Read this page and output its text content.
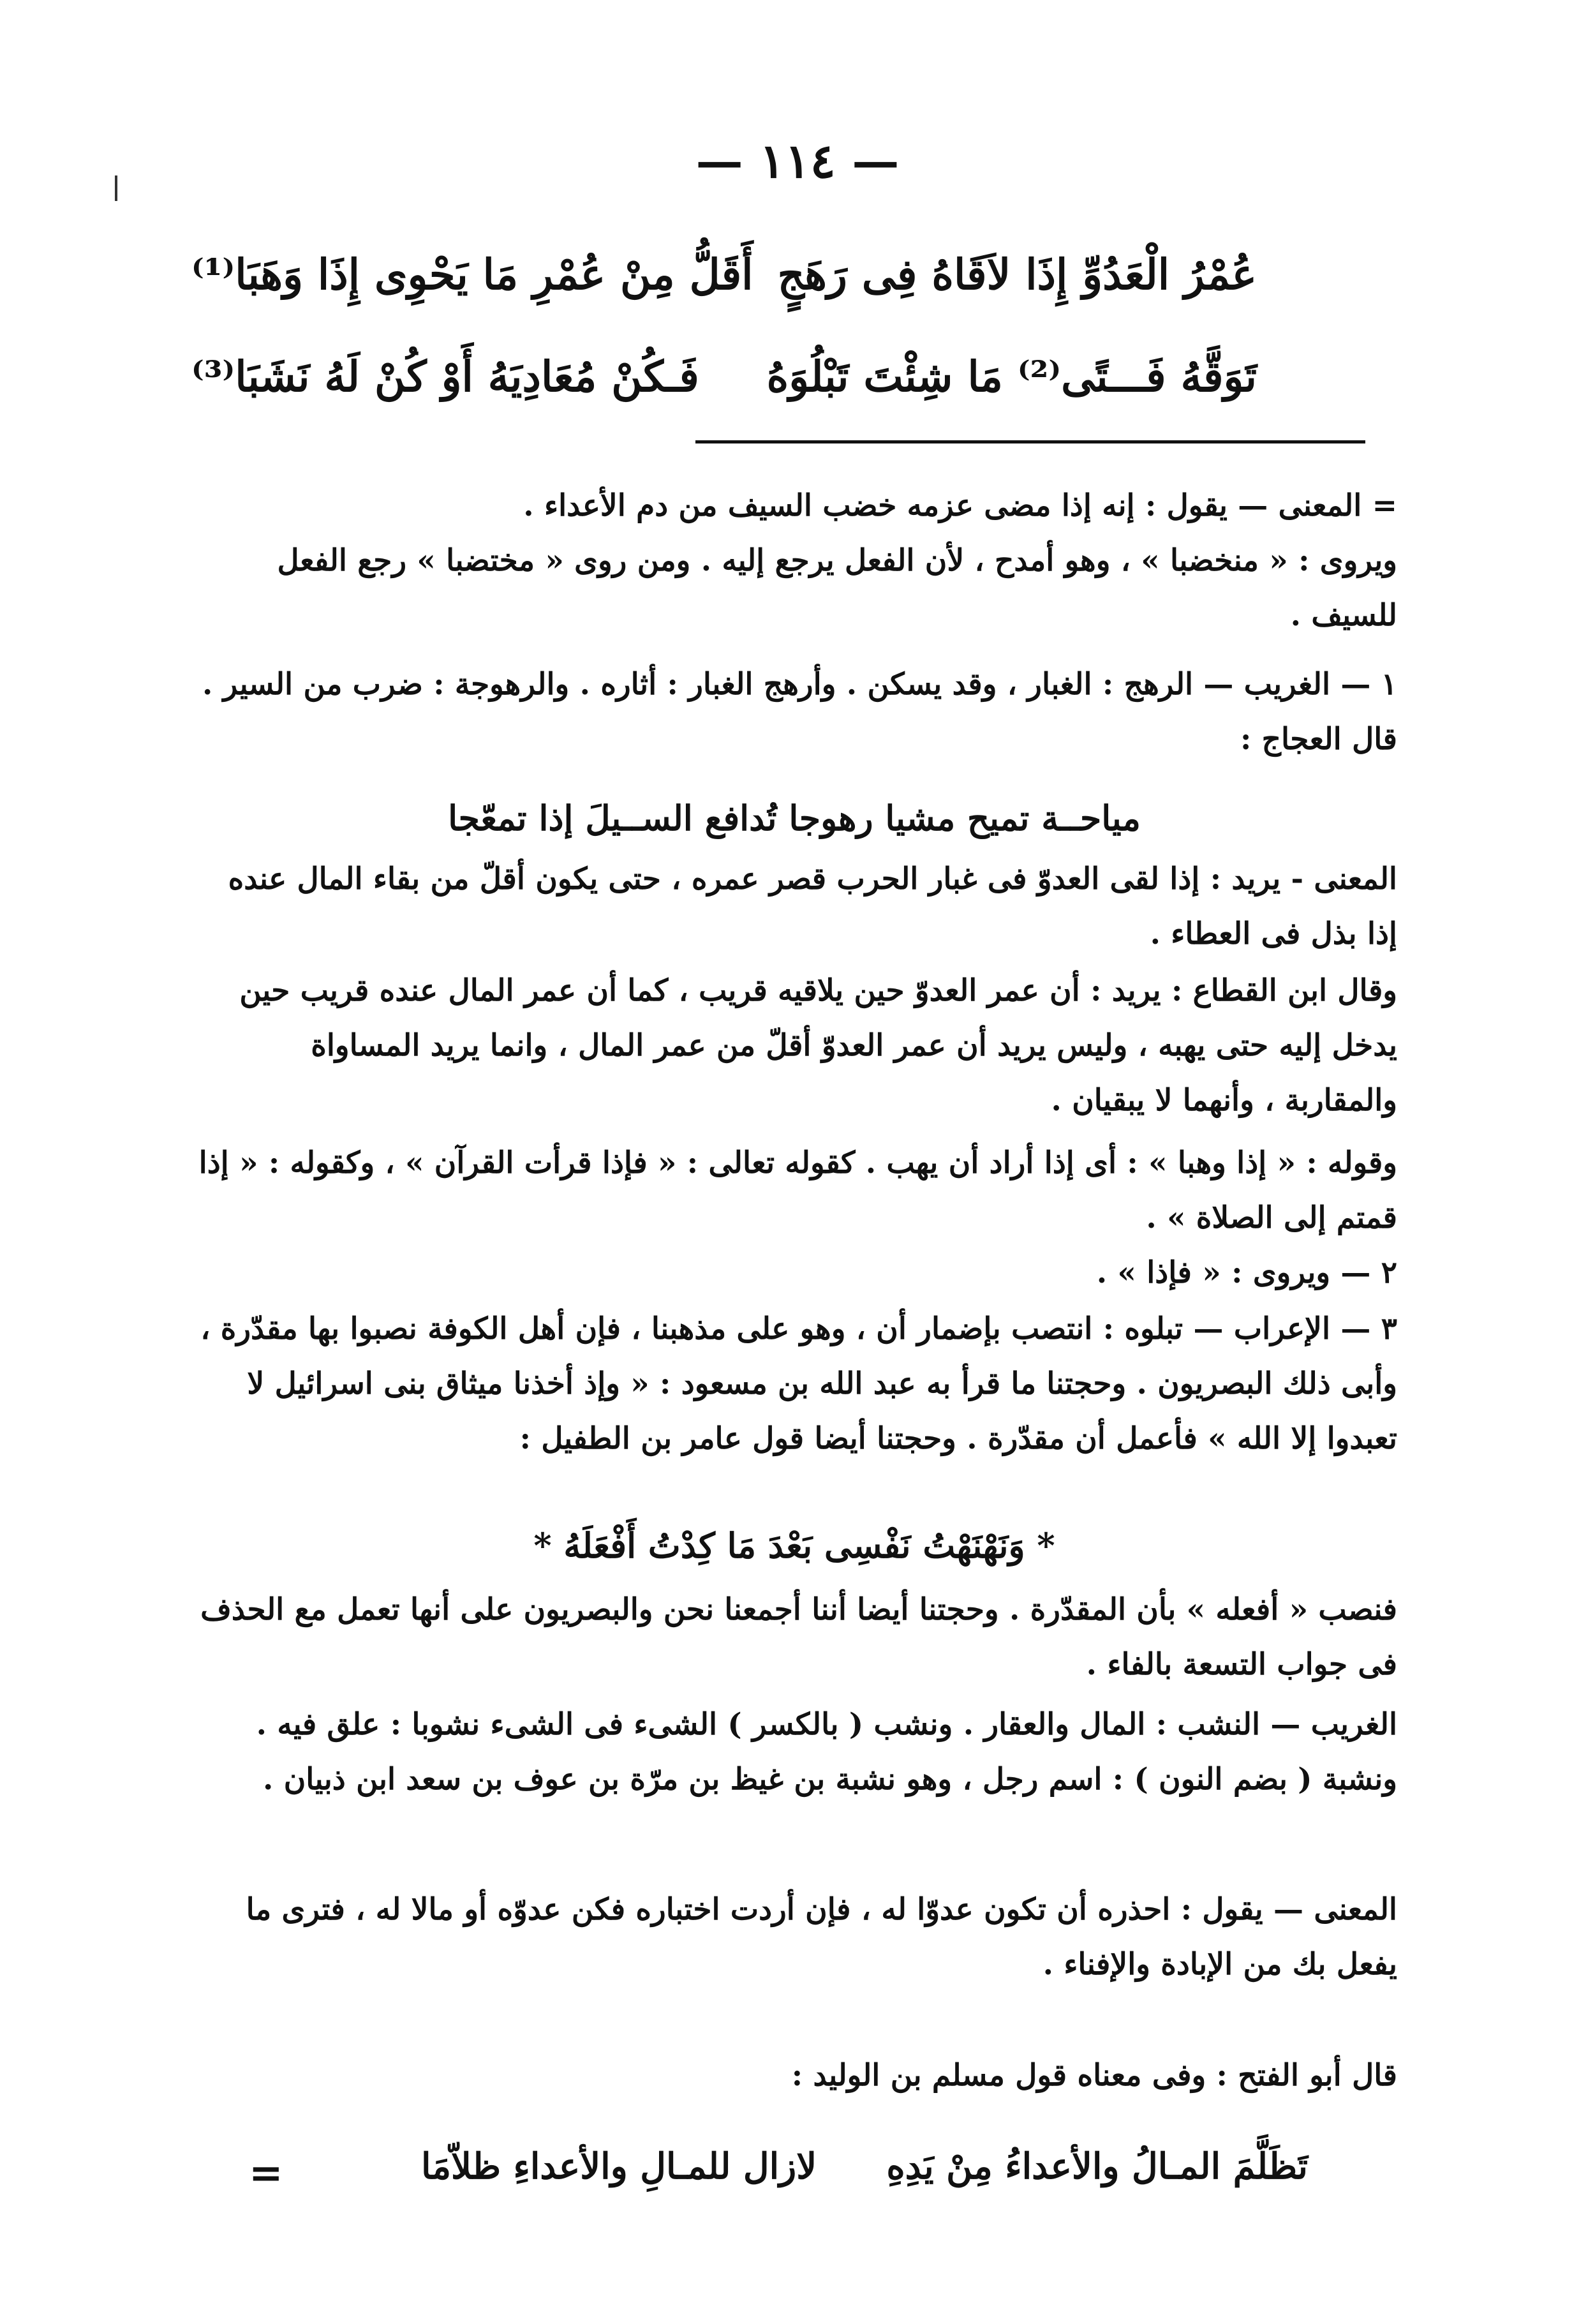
— ١١٤ —
عُمْرُ الْعَدُوِّ إِذَا لاَقَاهُ فِى رَهَجٍ
أَقَلُّ مِنْ عُمْرِ مَا يَحْوِى إِذَا وَهَبَا⁽¹⁾
تَوَقَّهُ فَـــتًى⁽²⁾ مَا شِئْتَ تَبْلُوَهُ
فَـكُنْ مُعَادِيَهُ أَوْ كُنْ لَهُ نَشَبَا⁽³⁾

= المعنى — يقول : إنه إذا مضى عزمه خضب السيف من دم الأعداء .

ويروى : « منخضبا » ، وهو أمدح ، لأن الفعل يرجع إليه . ومن روى « مختضبا » رجع الفعل للسيف .

١ — الغريب — الرهج : الغبار ، وقد يسكن . وأرهج الغبار : أثاره . والرهوجة : ضرب من السير . قال العجاج :

مياحــة تميح مشيا رهوجا تُدافع الســيلَ إذا تمعّجا

المعنى - يريد : إذا لقى العدوّ فى غبار الحرب قصر عمره ، حتى يكون أقلّ من بقاء المال عنده إذا بذل فى العطاء .

وقال ابن القطاع : يريد : أن عمر العدوّ حين يلاقيه قريب ، كما أن عمر المال عنده قريب حين يدخل إليه حتى يهبه ، وليس يريد أن عمر العدوّ أقلّ من عمر المال ، وانما يريد المساواة والمقاربة ، وأنهما لا يبقيان .

وقوله : « إذا وهبا » : أى إذا أراد أن يهب . كقوله تعالى : « فإذا قرأت القرآن » ، وكقوله : « إذا قمتم إلى الصلاة » .

٢ — ويروى : « فإذا » .

٣ — الإعراب — تبلوه : انتصب بإضمار أن ، وهو على مذهبنا ، فإن أهل الكوفة نصبوا بها مقدّرة ، وأبى ذلك البصريون . وحجتنا ما قرأ به عبد الله بن مسعود : « وإذ أخذنا ميثاق بنى اسرائيل لا تعبدوا إلا الله » فأعمل أن مقدّرة . وحجتنا أيضا قول عامر بن الطفيل :

* وَنَهْنَهْتُ نَفْسِى بَعْدَ مَا كِدْتُ أَفْعَلَهُ *

فنصب « أفعله » بأن المقدّرة . وحجتنا أيضا أننا أجمعنا نحن والبصريون على أنها تعمل مع الحذف فى جواب التسعة بالفاء .

الغريب — النشب : المال والعقار . ونشب ( بالكسر ) الشىء فى الشىء نشوبا : علق فيه . ونشبة ( بضم النون ) : اسم رجل ، وهو نشبة بن غيظ بن مرّة بن عوف بن سعد ابن ذبيان .

المعنى — يقول : احذره أن تكون عدوّا له ، فإن أردت اختباره فكن عدوّه أو مالا له ، فترى ما يفعل بك من الإبادة والإفناء .

قال أبو الفتح : وفى معناه قول مسلم بن الوليد :

تَظَلَّمَ المـالُ والأعداءُ مِنْ يَدِهِ
لازال للمـالِ والأعداءِ ظلاّمَا
=
